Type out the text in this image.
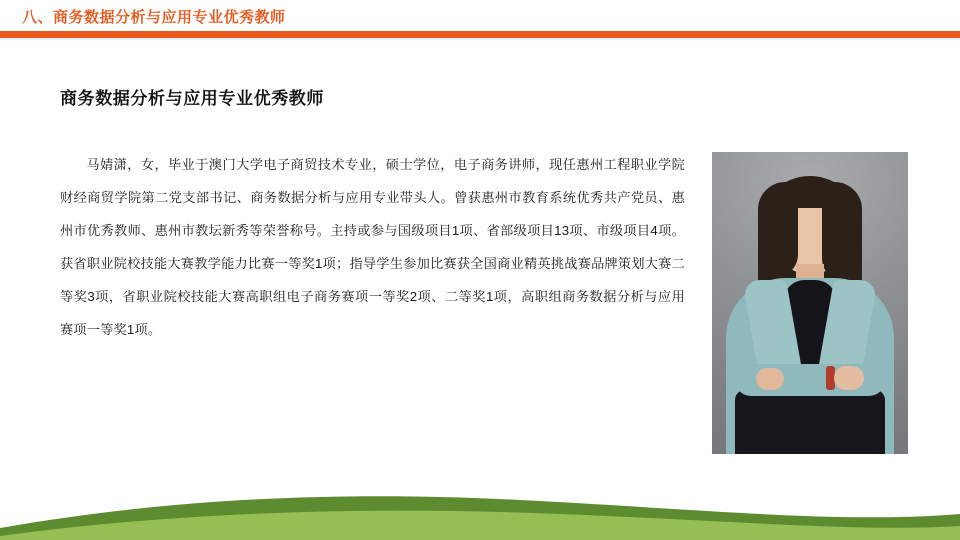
八、商务数据分析与应用专业优秀教师
商务数据分析与应用专业优秀教师
马婧潇，女，毕业于澳门大学电子商贸技术专业，硕士学位，电子商务讲师，现任惠州工程职业学院财经商贸学院第二党支部书记、商务数据分析与应用专业带头人。曾获惠州市教育系统优秀共产党员、惠州市优秀教师、惠州市教坛新秀等荣誉称号。主持或参与国级项目1项、省部级项目13项、市级项目4项。获省职业院校技能大赛教学能力比赛一等奖1项；指导学生参加比赛获全国商业精英挑战赛品牌策划大赛二等奖3项，省职业院校技能大赛高职组电子商务赛项一等奖2项、二等奖1项，高职组商务数据分析与应用赛项一等奖1项。
